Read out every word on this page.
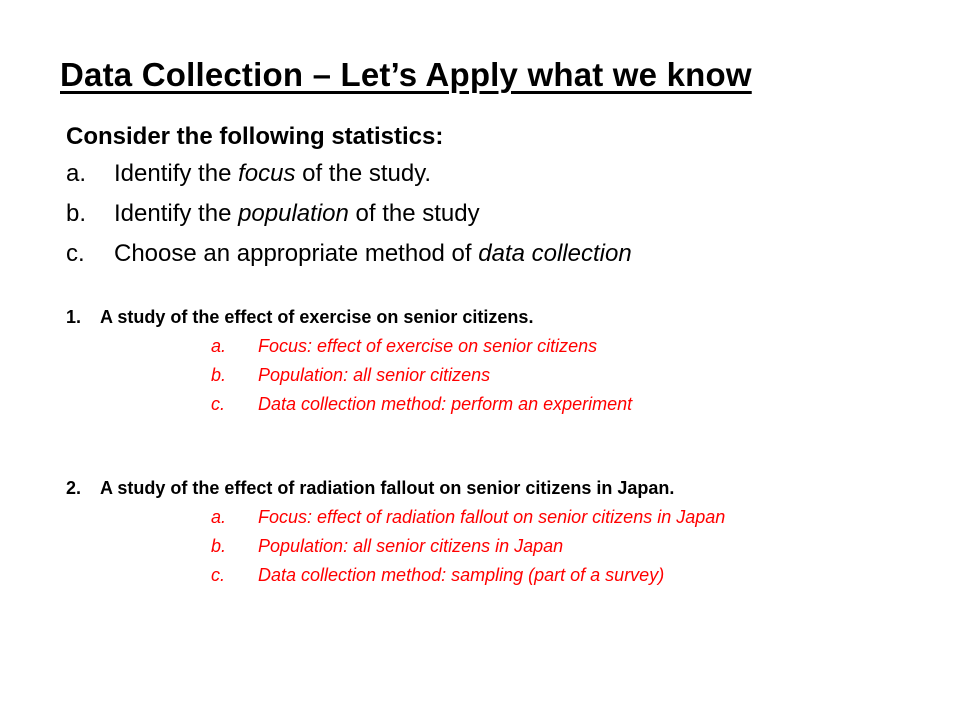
Data Collection – Let’s Apply what we know
Consider the following statistics:
a. Identify the focus of the study.
b. Identify the population of the study
c. Choose an appropriate method of data collection
1. A study of the effect of exercise on senior citizens.
a. Focus: effect of exercise on senior citizens
b. Population: all senior citizens
c. Data collection method: perform an experiment
2. A study of the effect of radiation fallout on senior citizens in Japan.
a. Focus: effect of radiation fallout on senior citizens in Japan
b. Population: all senior citizens in Japan
c. Data collection method: sampling (part of a survey)
